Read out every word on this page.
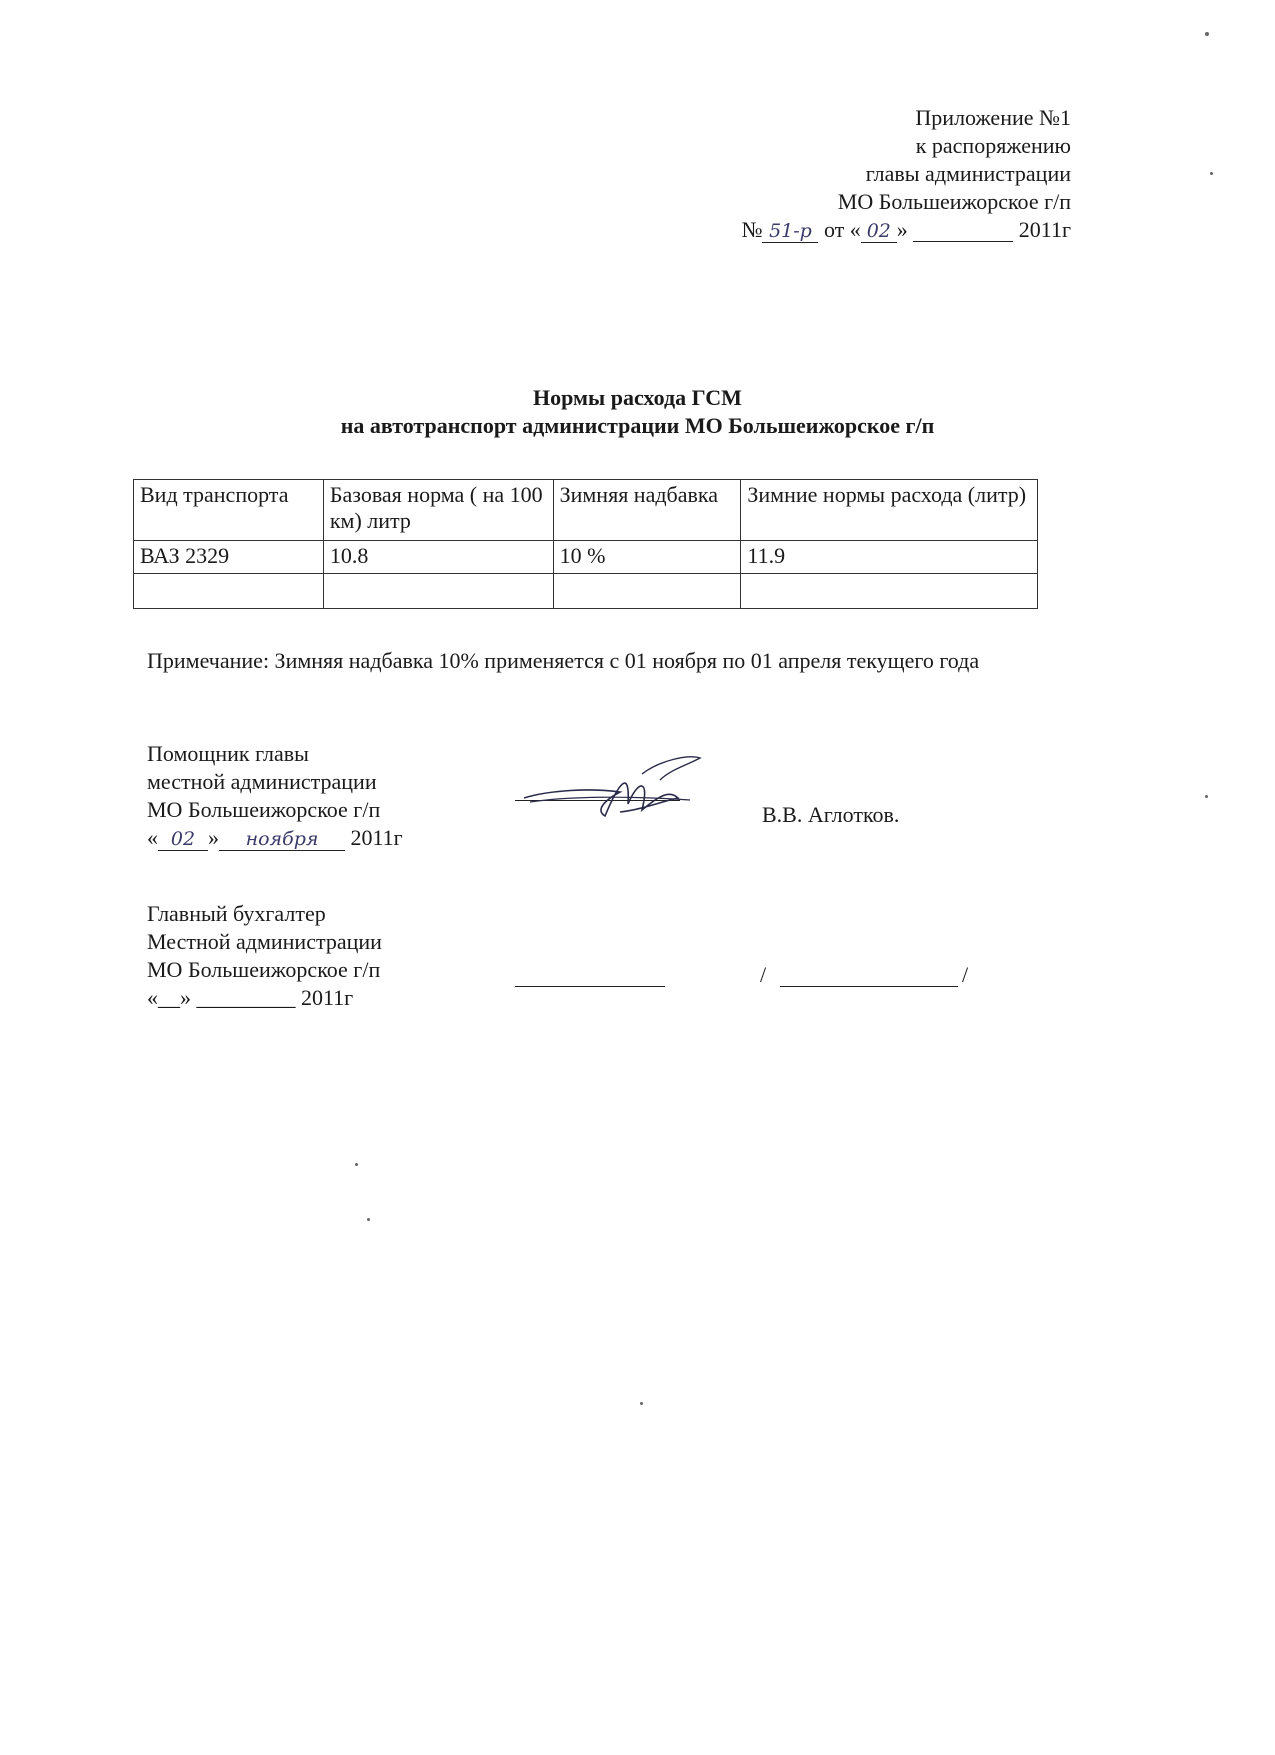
Приложение №1
к распоряжению
главы администрации
МО Большеижорское г/п
№ 51-р от « 02 »	2011г
Нормы расхода ГСМ
на автотранспорт администрации МО Большеижорское г/п
Вид транспорта	Базовая норма ( на 100 км) литр	Зимняя надбавка	Зимние нормы расхода (литр)
ВАЗ 2329	10.8	10 %	11.9

Примечание: Зимняя надбавка 10% применяется с 01 ноября по 01 апреля текущего года
Помощник главы
местной администрации
МО Большеижорское г/п
« 02 » ноября 2011г
В.В. Аглотков.
Главный бухгалтер
Местной администрации
МО Большеижорское г/п
«__» _________ 2011г
/	/
